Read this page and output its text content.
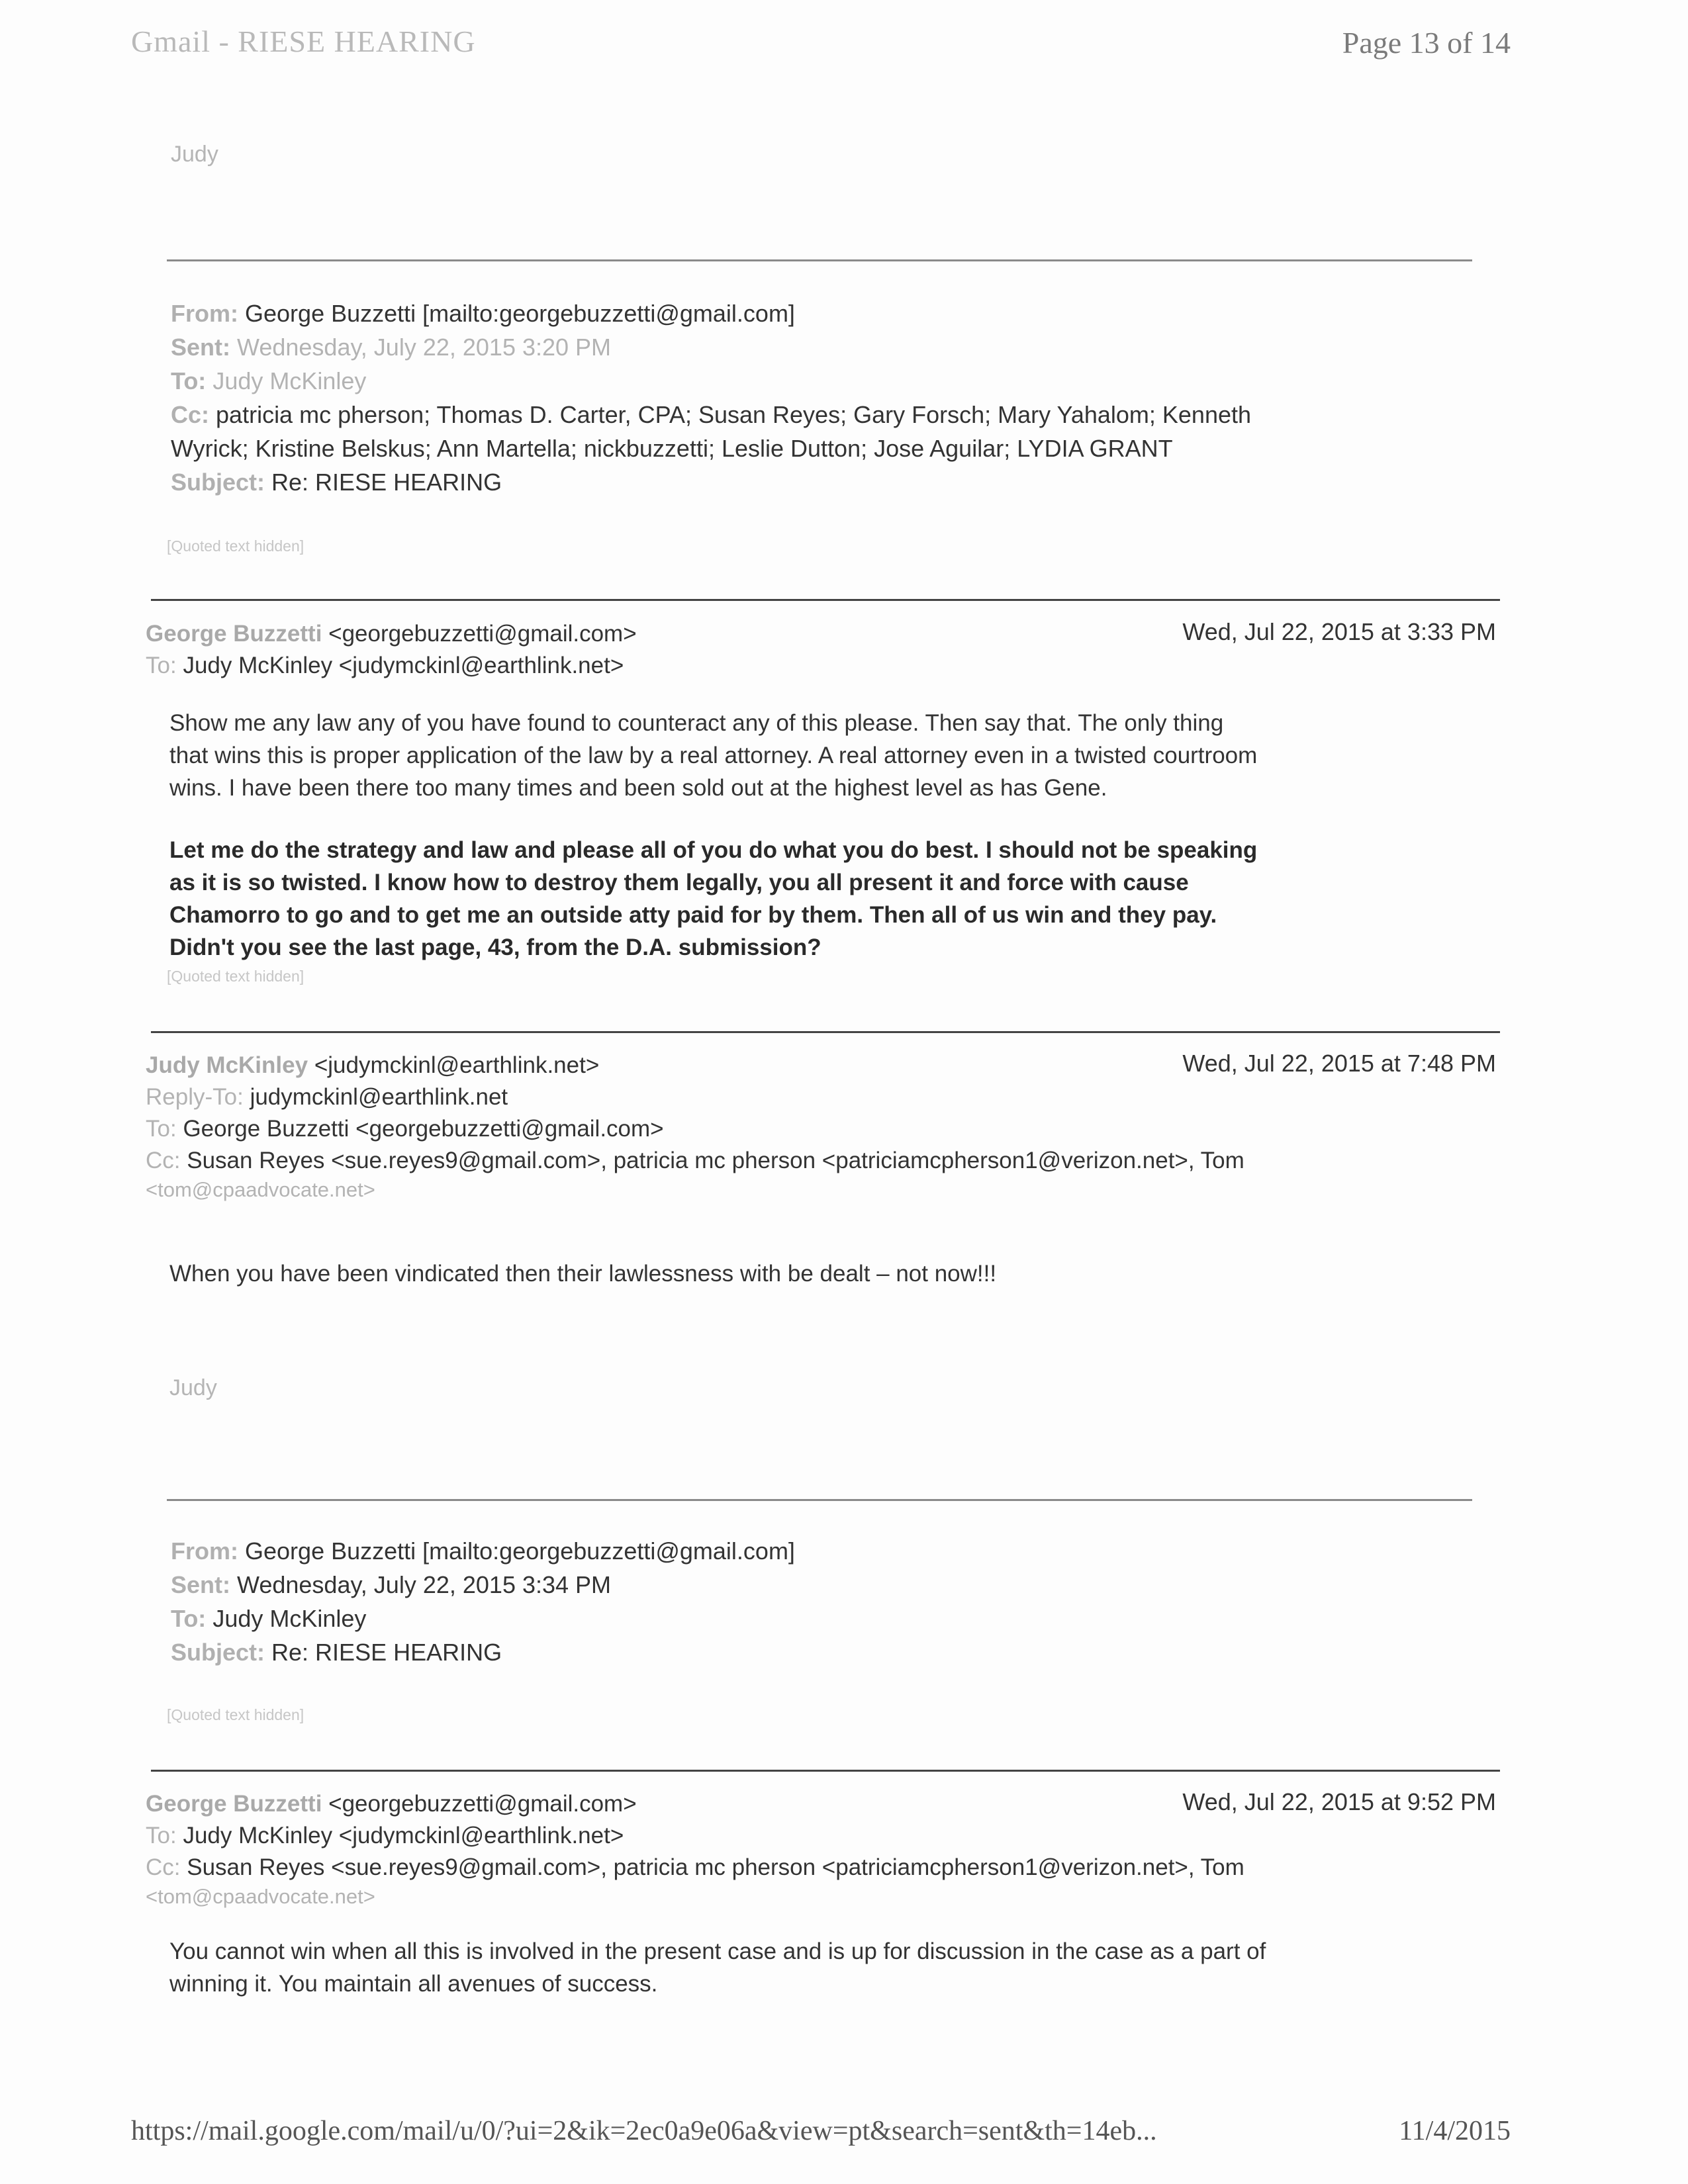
Gmail - RIESE HEARING	Page 13 of 14
Judy
From: George Buzzetti [mailto:georgebuzzetti@gmail.com]
Sent: Wednesday, July 22, 2015 3:20 PM
To: Judy McKinley
Cc: patricia mc pherson; Thomas D. Carter, CPA; Susan Reyes; Gary Forsch; Mary Yahalom; Kenneth
Wyrick; Kristine Belskus; Ann Martella; nickbuzzetti; Leslie Dutton; Jose Aguilar; LYDIA GRANT
Subject: Re: RIESE HEARING
[Quoted text hidden]
George Buzzetti <georgebuzzetti@gmail.com>	Wed, Jul 22, 2015 at 3:33 PM
To: Judy McKinley <judymckinl@earthlink.net>
Show me any law any of you have found to counteract any of this please. Then say that. The only thing
that wins this is proper application of the law by a real attorney. A real attorney even in a twisted courtroom
wins. I have been there too many times and been sold out at the highest level as has Gene.
Let me do the strategy and law and please all of you do what you do best. I should not be speaking
as it is so twisted. I know how to destroy them legally, you all present it and force with cause
Chamorro to go and to get me an outside atty paid for by them. Then all of us win and they pay.
Didn't you see the last page, 43, from the D.A. submission?
[Quoted text hidden]
Judy McKinley <judymckinl@earthlink.net>	Wed, Jul 22, 2015 at 7:48 PM
Reply-To: judymckinl@earthlink.net
To: George Buzzetti <georgebuzzetti@gmail.com>
Cc: Susan Reyes <sue.reyes9@gmail.com>, patricia mc pherson <patriciamcpherson1@verizon.net>, Tom
<tom@cpaadvocate.net>
When you have been vindicated then their lawlessness with be dealt – not now!!!
Judy
From: George Buzzetti [mailto:georgebuzzetti@gmail.com]
Sent: Wednesday, July 22, 2015 3:34 PM
To: Judy McKinley
Subject: Re: RIESE HEARING
[Quoted text hidden]
George Buzzetti <georgebuzzetti@gmail.com>	Wed, Jul 22, 2015 at 9:52 PM
To: Judy McKinley <judymckinl@earthlink.net>
Cc: Susan Reyes <sue.reyes9@gmail.com>, patricia mc pherson <patriciamcpherson1@verizon.net>, Tom
<tom@cpaadvocate.net>
You cannot win when all this is involved in the present case and is up for discussion in the case as a part of
winning it. You maintain all avenues of success.
https://mail.google.com/mail/u/0/?ui=2&ik=2ec0a9e06a&view=pt&search=sent&th=14eb...	11/4/2015
